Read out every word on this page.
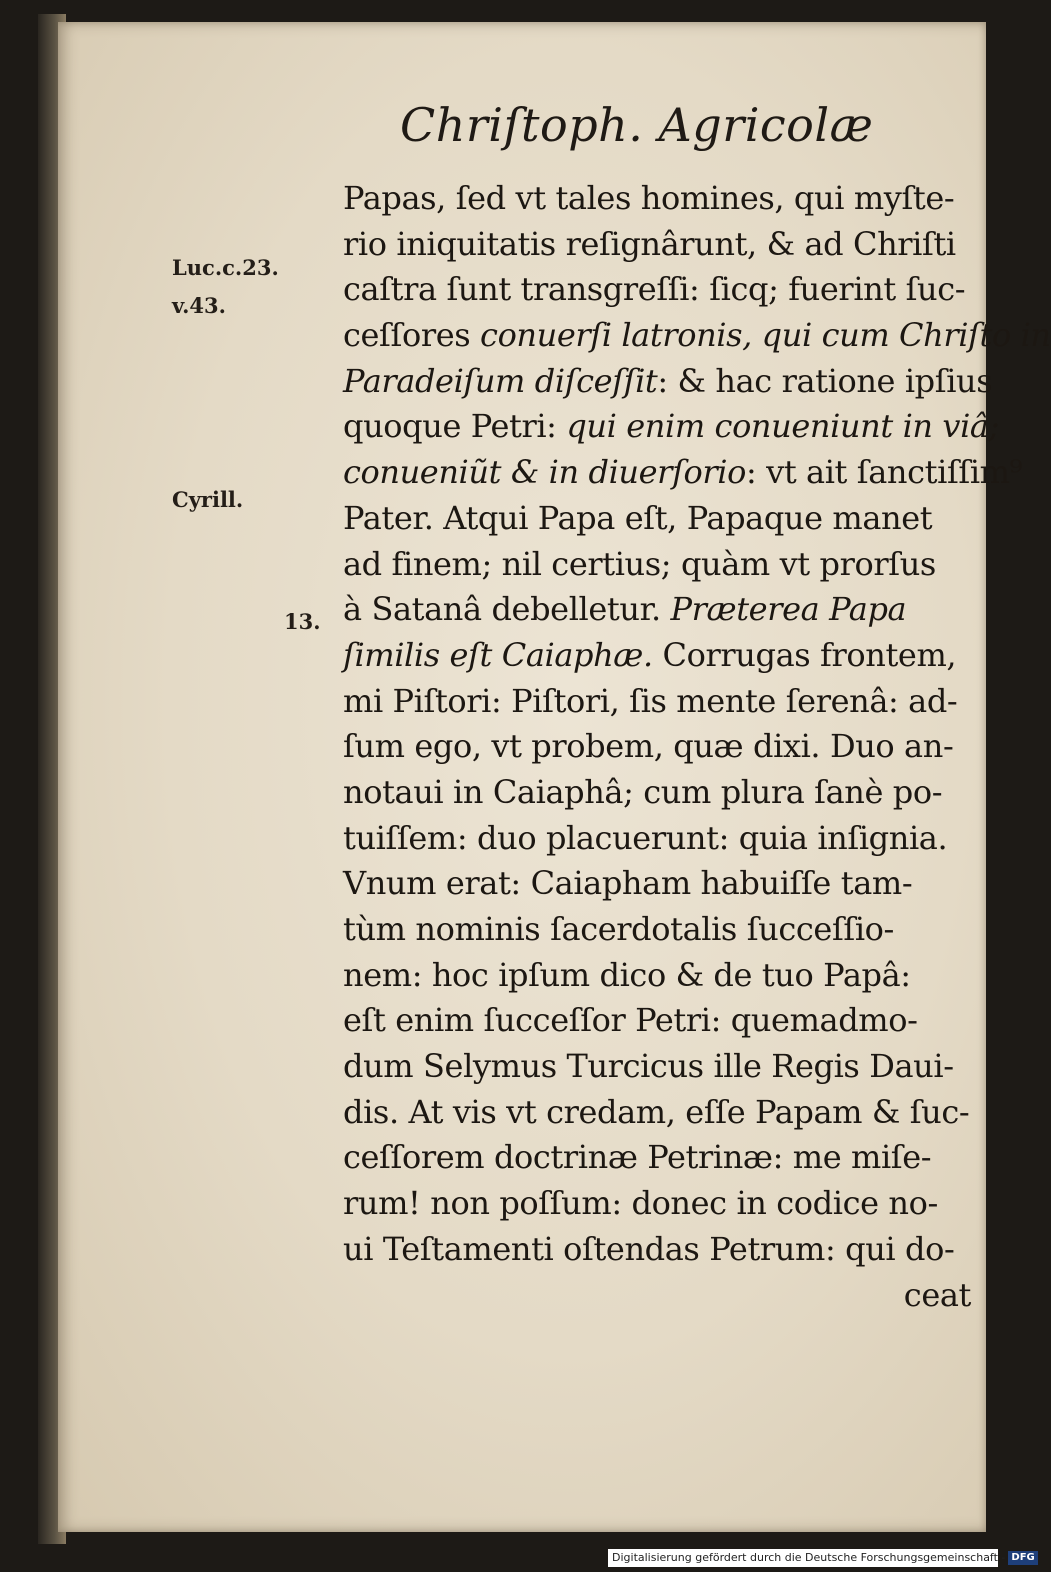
Chriſtoph. Agricolæ
Luc.c.23.
v.43.
Cyrill.
13.
Papas, ſed vt tales homines, qui myſte-
rio iniquitatis reſignârunt, & ad Chriſti
caſtra ſunt transgreſſi: ſicq; fuerint ſuc-
ceſſores conuerſi latronis, qui cum Chriſto in
Paradeiſum diſceſſit: & hac ratione ipſius
quoque Petri: qui enim conueniunt in viâ;
conueniũt & in diuerſorio: vt ait ſanctiſſim⁹
Pater. Atqui Papa eſt, Papaque manet
ad finem; nil certius; quàm vt prorſus
à Satanâ debelletur. Præterea Papa
ſimilis eſt Caiaphæ. Corrugas frontem,
mi Piſtori: Piſtori, ſis mente ſerenâ: ad-
ſum ego, vt probem, quæ dixi. Duo an-
notaui in Caiaphâ; cum plura ſanè po-
tuiſſem: duo placuerunt: quia inſignia.
Vnum erat: Caiapham habuiſſe tam-
tùm nominis ſacerdotalis ſucceſſio-
nem: hoc ipſum dico & de tuo Papâ:
eſt enim ſucceſſor Petri: quemadmo-
dum Selymus Turcicus ille Regis Daui-
dis. At vis vt credam, eſſe Papam & ſuc-
ceſſorem doctrinæ Petrinæ: me miſe-
rum! non poſſum: donec in codice no-
ui Teſtamenti oſtendas Petrum: qui do-
ceat
Digitalisierung gefördert durch die Deutsche Forschungsgemeinschaft - DFG
